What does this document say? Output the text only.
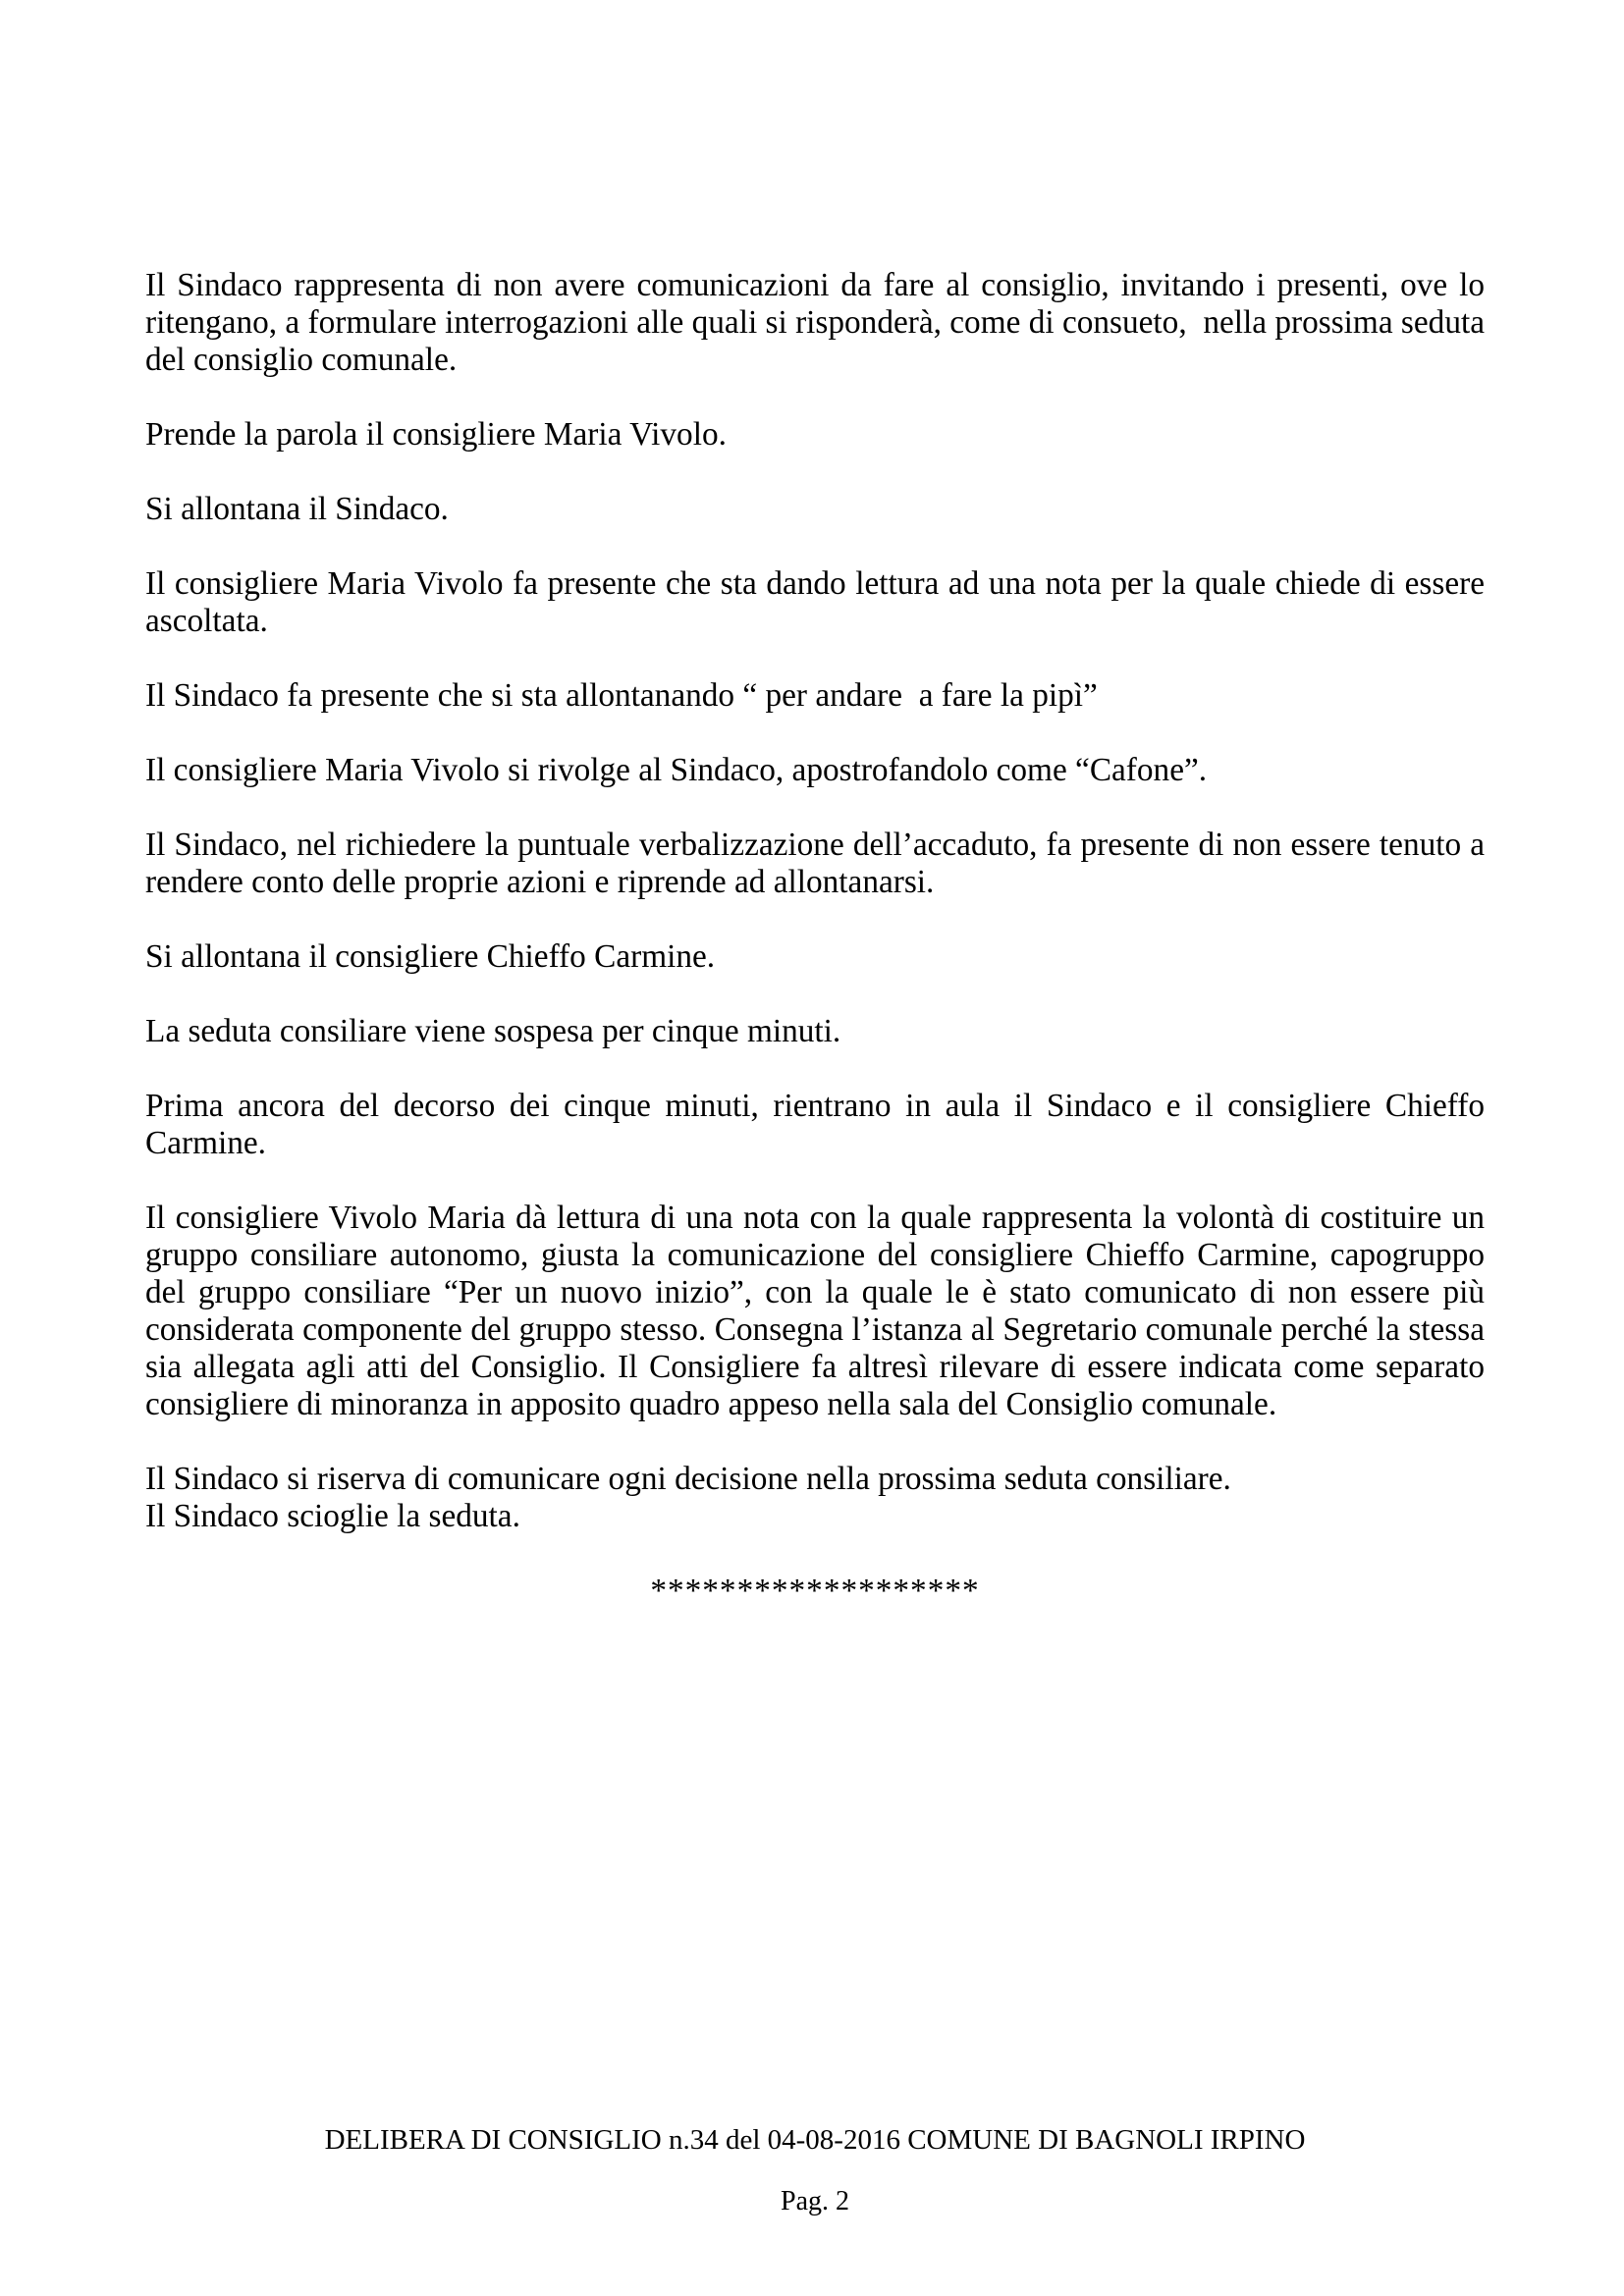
Il Sindaco rappresenta di non avere comunicazioni da fare al consiglio, invitando i presenti, ove lo ritengano, a formulare interrogazioni alle quali si risponderà, come di consueto,  nella prossima seduta del consiglio comunale.

Prende la parola il consigliere Maria Vivolo.

Si allontana il Sindaco.

Il consigliere Maria Vivolo fa presente che sta dando lettura ad una nota per la quale chiede di essere ascoltata.

Il Sindaco fa presente che si sta allontanando “ per andare  a fare la pipì”

Il consigliere Maria Vivolo si rivolge al Sindaco, apostrofandolo come “Cafone”.

Il Sindaco, nel richiedere la puntuale verbalizzazione dell’accaduto, fa presente di non essere tenuto a rendere conto delle proprie azioni e riprende ad allontanarsi.

Si allontana il consigliere Chieffo Carmine.

La seduta consiliare viene sospesa per cinque minuti.

Prima ancora del decorso dei cinque minuti, rientrano in aula il Sindaco e il consigliere Chieffo Carmine.

Il consigliere Vivolo Maria dà lettura di una nota con la quale rappresenta la volontà di costituire un gruppo consiliare autonomo, giusta la comunicazione del consigliere Chieffo Carmine, capogruppo del gruppo consiliare “Per un nuovo inizio”, con la quale le è stato comunicato di non essere più considerata componente del gruppo stesso. Consegna l’istanza al Segretario comunale perché la stessa sia allegata agli atti del Consiglio. Il Consigliere fa altresì rilevare di essere indicata come separato consigliere di minoranza in apposito quadro appeso nella sala del Consiglio comunale.

Il Sindaco si riserva di comunicare ogni decisione nella prossima seduta consiliare.

Il Sindaco scioglie la seduta.

*******************

DELIBERA DI CONSIGLIO n.34 del 04-08-2016 COMUNE DI BAGNOLI IRPINO
Pag. 2
